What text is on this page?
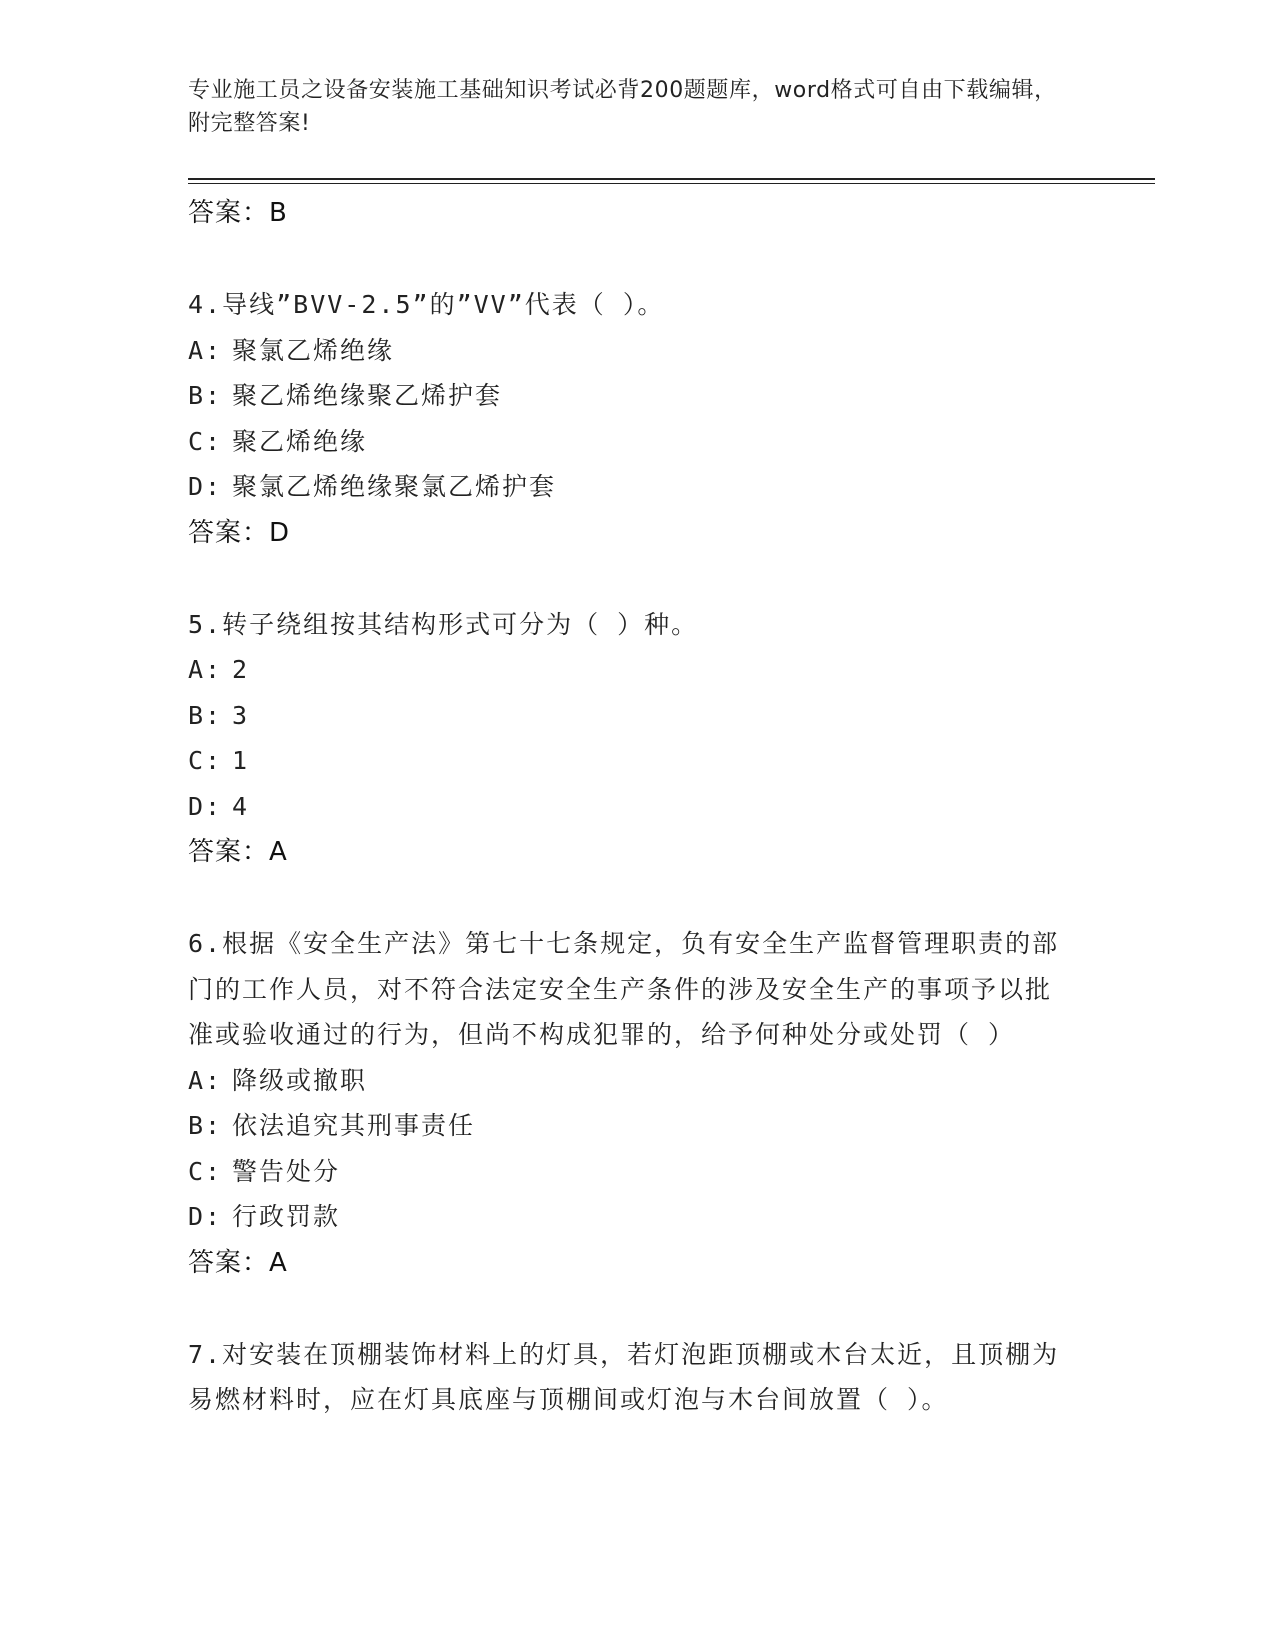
专业施工员之设备安装施工基础知识考试必背200题题库，word格式可自由下载编辑，附完整答案!
答案：B
4.导线”BVV-2.5”的”VV”代表（ ）。
A: 聚氯乙烯绝缘
B: 聚乙烯绝缘聚乙烯护套
C: 聚乙烯绝缘
D: 聚氯乙烯绝缘聚氯乙烯护套
答案：D
5.转子绕组按其结构形式可分为（ ）种。
A: 2
B: 3
C: 1
D: 4
答案：A
6.根据《安全生产法》第七十七条规定，负有安全生产监督管理职责的部门的工作人员，对不符合法定安全生产条件的涉及安全生产的事项予以批准或验收通过的行为，但尚不构成犯罪的，给予何种处分或处罚（ ）
A: 降级或撤职
B: 依法追究其刑事责任
C: 警告处分
D: 行政罚款
答案：A
7.对安装在顶棚装饰材料上的灯具，若灯泡距顶棚或木台太近，且顶棚为易燃材料时，应在灯具底座与顶棚间或灯泡与木台间放置（ ）。
